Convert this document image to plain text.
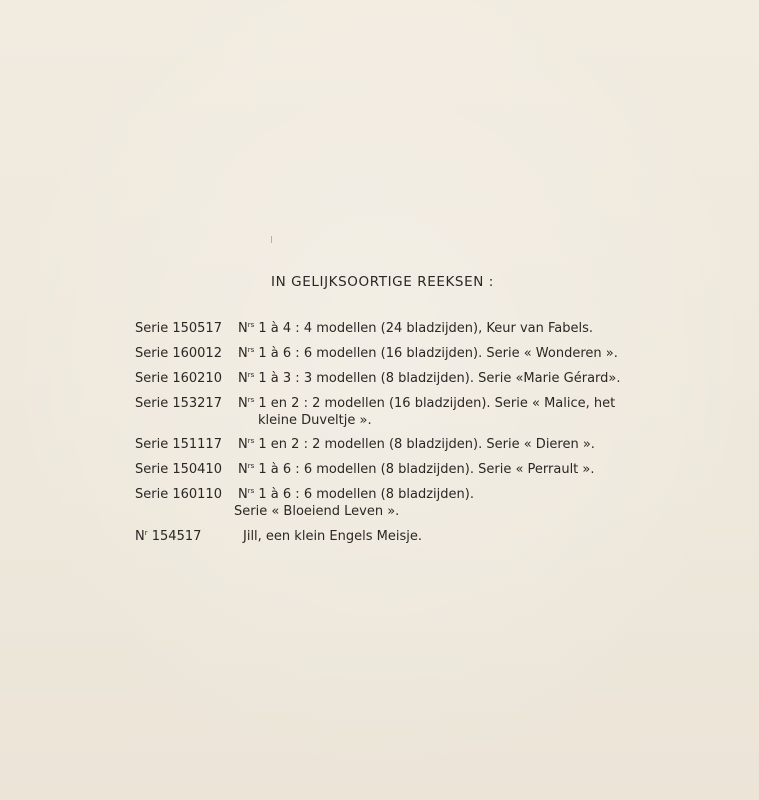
IN GELIJKSOORTIGE REEKSEN :
Serie 150517 $N^{rs}$ 1 à 4 : 4 modellen (24 bladzijden), Keur van Fabels.
Serie 160012 $N^{rs}$ 1 à 6 : 6 modellen (16 bladzijden). Serie « Wonderen ».
Serie 160210 $N^{rs}$ 1 à 3 : 3 modellen (8 bladzijden). Serie «Marie Gérard».
Serie 153217 $N^{rs}$ 1 en 2 : 2 modellen (16 bladzijden). Serie « Malice, het
kleine Duveltje ».
Serie 151117 $N^{rs}$ 1 en 2 : 2 modellen (8 bladzijden). Serie « Dieren ».
Serie 150410 $N^{rs}$ 1 à 6 : 6 modellen (8 bladzijden). Serie « Perrault ».
Serie 160110 $N^{rs}$ 1 à 6 : 6 modellen (8 bladzijden).
Serie « Bloeiend Leven ».
$N^r$ 154517	Jill, een klein Engels Meisje.
